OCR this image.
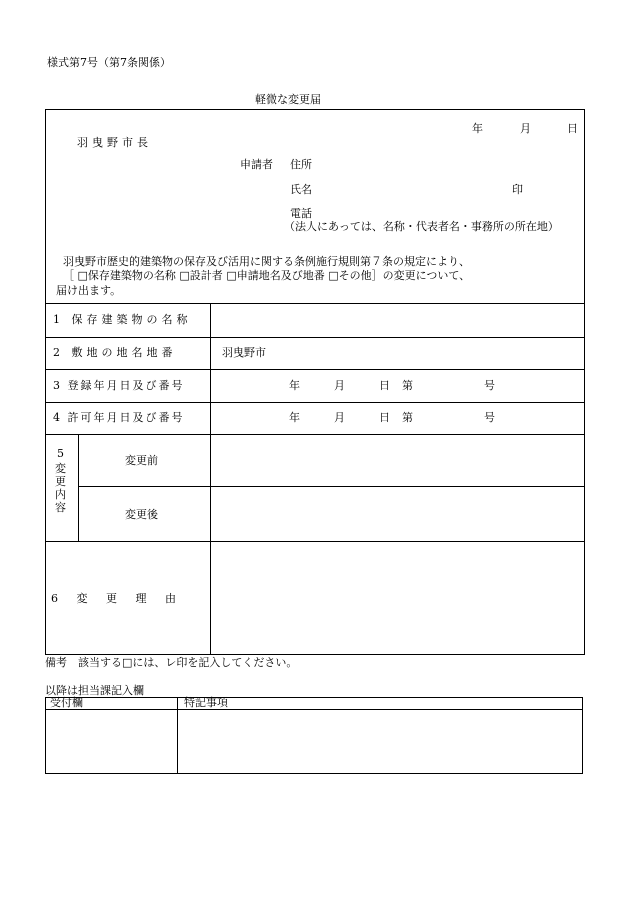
様式第7号（第7条関係）
軽微な変更届
年	月	日
羽曳野市長
申請者 住所
氏名	印
電話
（法人にあっては、名称・代表者名・事務所の所在地）
羽曳野市歴史的建築物の保存及び活用に関する条例施行規則第７条の規定により、
［ □保存建築物の名称 □設計者 □申請地名及び地番 □その他］の変更について、
届け出ます。
1 保存建築物の名称
2 敷地の地名地番	羽曳野市
3 登録年月日及び番号	年	月	日 第	号
4 許可年月日及び番号	年	月	日 第	号
5
変
更
内
容
変更前
変更後
6 変 更 理 由
備考　該当する□には、レ印を記入してください。
以降は担当課記入欄
受付欄	特記事項
